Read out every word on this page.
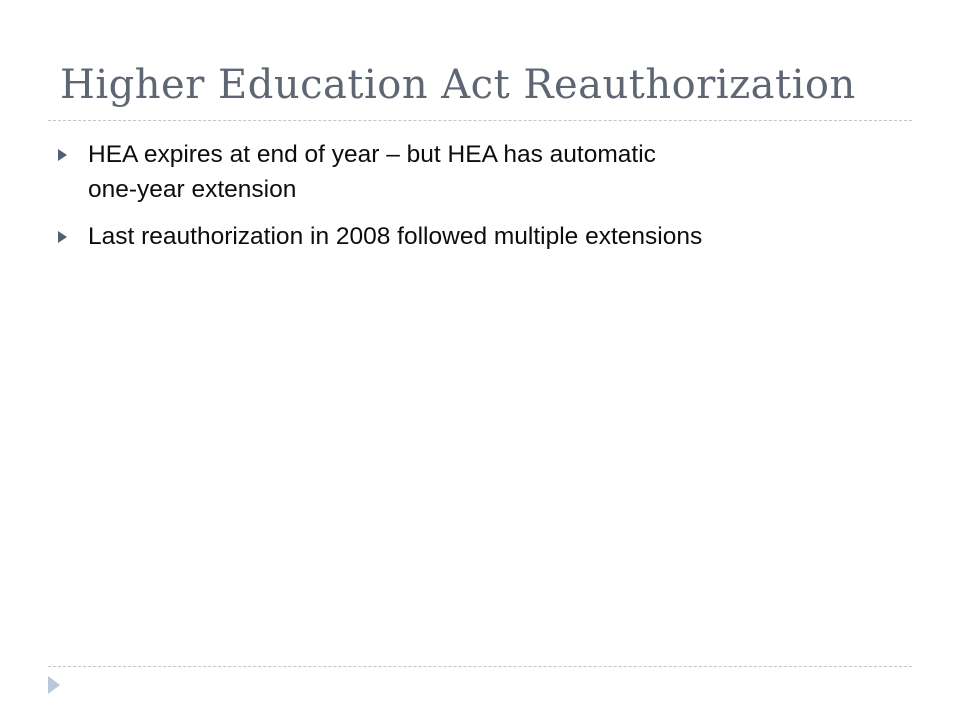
Higher Education Act Reauthorization
HEA expires at end of year – but HEA has automatic
one-year extension
Last reauthorization in 2008 followed multiple extensions
